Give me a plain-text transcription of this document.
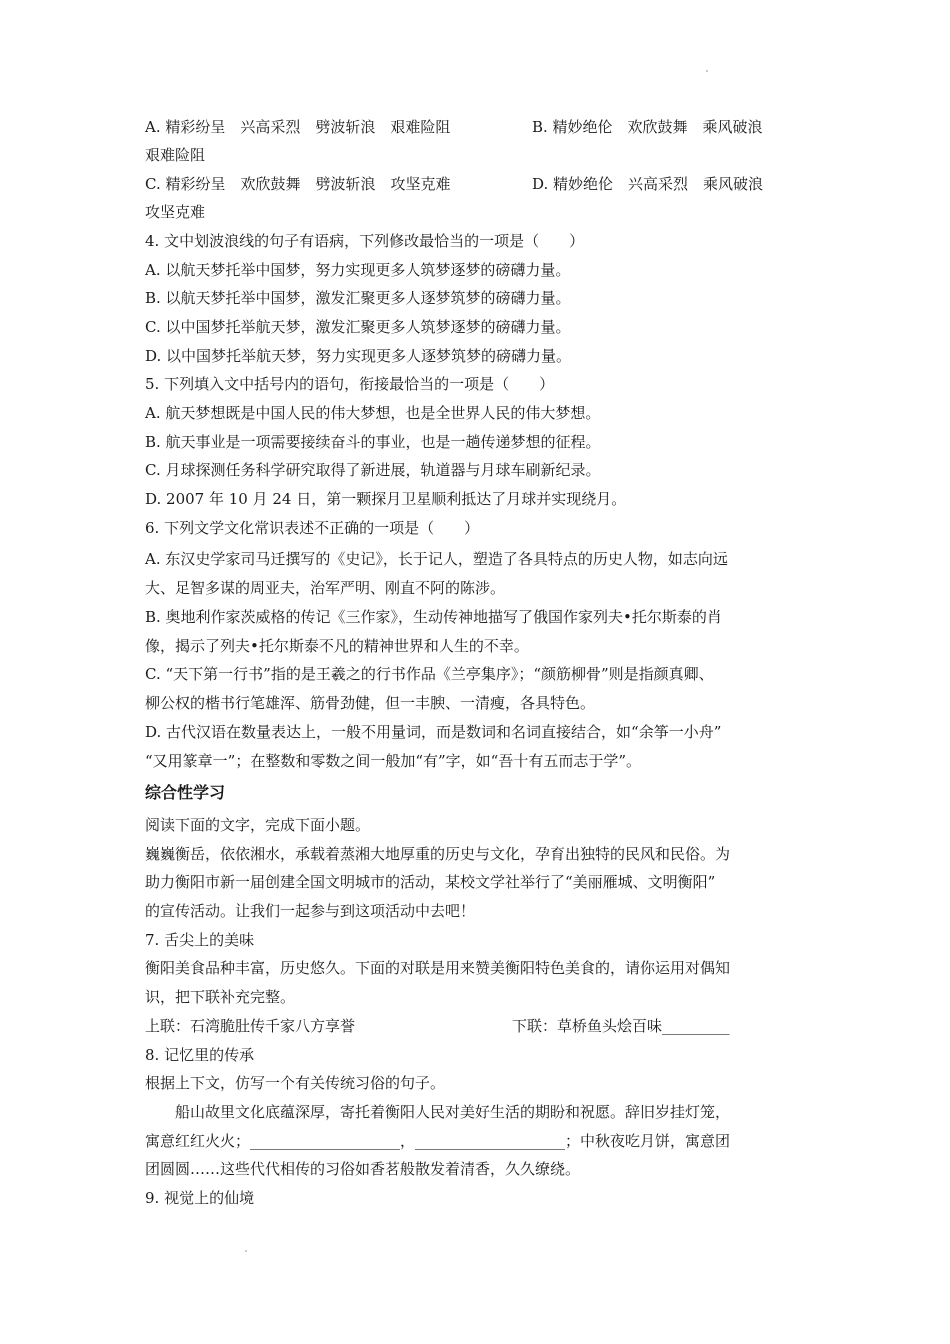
A. 精彩纷呈　兴高采烈　劈波斩浪　艰难险阻	B. 精妙绝伦　欢欣鼓舞　乘风破浪
艰难险阻
C. 精彩纷呈　欢欣鼓舞　劈波斩浪　攻坚克难	D. 精妙绝伦　兴高采烈　乘风破浪
攻坚克难
4. 文中划波浪线的句子有语病，下列修改最恰当的一项是（　　）
A. 以航天梦托举中国梦，努力实现更多人筑梦逐梦的磅礴力量。
B. 以航天梦托举中国梦，激发汇聚更多人逐梦筑梦的磅礴力量。
C. 以中国梦托举航天梦，激发汇聚更多人筑梦逐梦的磅礴力量。
D. 以中国梦托举航天梦，努力实现更多人逐梦筑梦的磅礴力量。
5. 下列填入文中括号内的语句，衔接最恰当的一项是（　　）
A. 航天梦想既是中国人民的伟大梦想，也是全世界人民的伟大梦想。
B. 航天事业是一项需要接续奋斗的事业，也是一趟传递梦想的征程。
C. 月球探测任务科学研究取得了新进展，轨道器与月球车刷新纪录。
D. 2007 年 10 月 24 日，第一颗探月卫星顺利抵达了月球并实现绕月。
6. 下列文学文化常识表述不正确的一项是（　　）
A. 东汉史学家司马迁撰写的《史记》，长于记人，塑造了各具特点的历史人物，如志向远
大、足智多谋的周亚夫，治军严明、刚直不阿的陈涉。
B. 奥地利作家茨威格的传记《三作家》，生动传神地描写了俄国作家列夫•托尔斯泰的肖
像，揭示了列夫•托尔斯泰不凡的精神世界和人生的不幸。
C. “天下第一行书”指的是王羲之的行书作品《兰亭集序》；“颜筋柳骨”则是指颜真卿、
柳公权的楷书行笔雄浑、筋骨劲健，但一丰腴、一清瘦，各具特色。
D. 古代汉语在数量表达上，一般不用量词，而是数词和名词直接结合，如“余筝一小舟”
“又用篆章一”；在整数和零数之间一般加“有”字，如“吾十有五而志于学”。
综合性学习
阅读下面的文字，完成下面小题。
巍巍衡岳，依依湘水，承载着蒸湘大地厚重的历史与文化，孕育出独特的民风和民俗。为
助力衡阳市新一届创建全国文明城市的活动，某校文学社举行了“美丽雁城、文明衡阳”
的宣传活动。让我们一起参与到这项活动中去吧！
7. 舌尖上的美味
衡阳美食品种丰富，历史悠久。下面的对联是用来赞美衡阳特色美食的，请你运用对偶知
识，把下联补充完整。
上联：石湾脆肚传千家八方享誉	下联：草桥鱼头烩百味_________
8. 记忆里的传承
根据上下文，仿写一个有关传统习俗的句子。
　　船山故里文化底蕴深厚，寄托着衡阳人民对美好生活的期盼和祝愿。辞旧岁挂灯笼，
寓意红红火火；____________________，____________________；中秋夜吃月饼，寓意团
团圆圆……这些代代相传的习俗如香茗般散发着清香，久久缭绕。
9. 视觉上的仙境
